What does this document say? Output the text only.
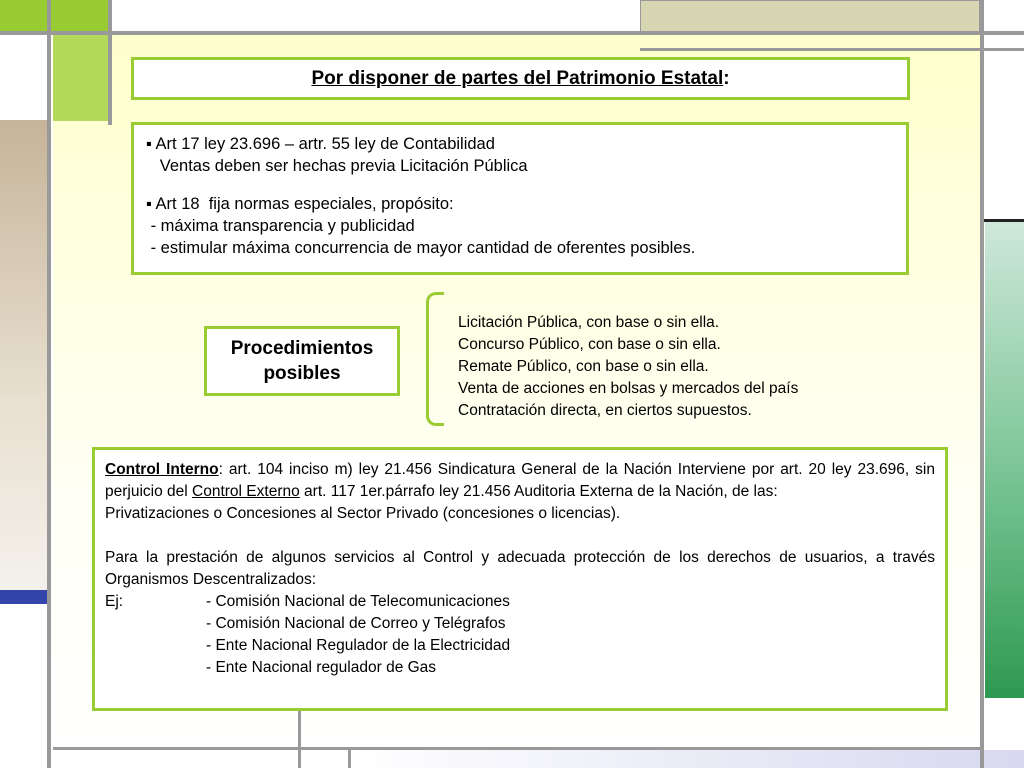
Por disponer de partes del Patrimonio Estatal:

▪ Art 17 ley 23.696 – artr. 55 ley de Contabilidad

Ventas deben ser hechas previa Licitación Pública

▪ Art 18  fija normas especiales, propósito:

- máxima transparencia y publicidad

- estimular máxima concurrencia de mayor cantidad de oferentes posibles.

Procedimientos
posibles
Licitación Pública, con base o sin ella.
Concurso Público, con base o sin ella.
Remate Público, con base o sin ella.
Venta de acciones en bolsas y mercados del país
Contratación directa, en ciertos supuestos.

Control Interno: art. 104 inciso m) ley 21.456 Sindicatura General de la Nación Interviene por art. 20 ley 23.696, sin perjuicio del Control Externo art. 117 1er.párrafo ley 21.456 Auditoria Externa de la Nación, de las:

Privatizaciones o Concesiones al Sector Privado (concesiones o licencias).

Para la prestación de algunos servicios al Control y adecuada protección de los derechos de usuarios, a través Organismos Descentralizados:

Ej:	- Comisión Nacional de Telecomunicaciones

- Comisión Nacional de Correo y Telégrafos

- Ente Nacional Regulador de la Electricidad

- Ente Nacional regulador de Gas
